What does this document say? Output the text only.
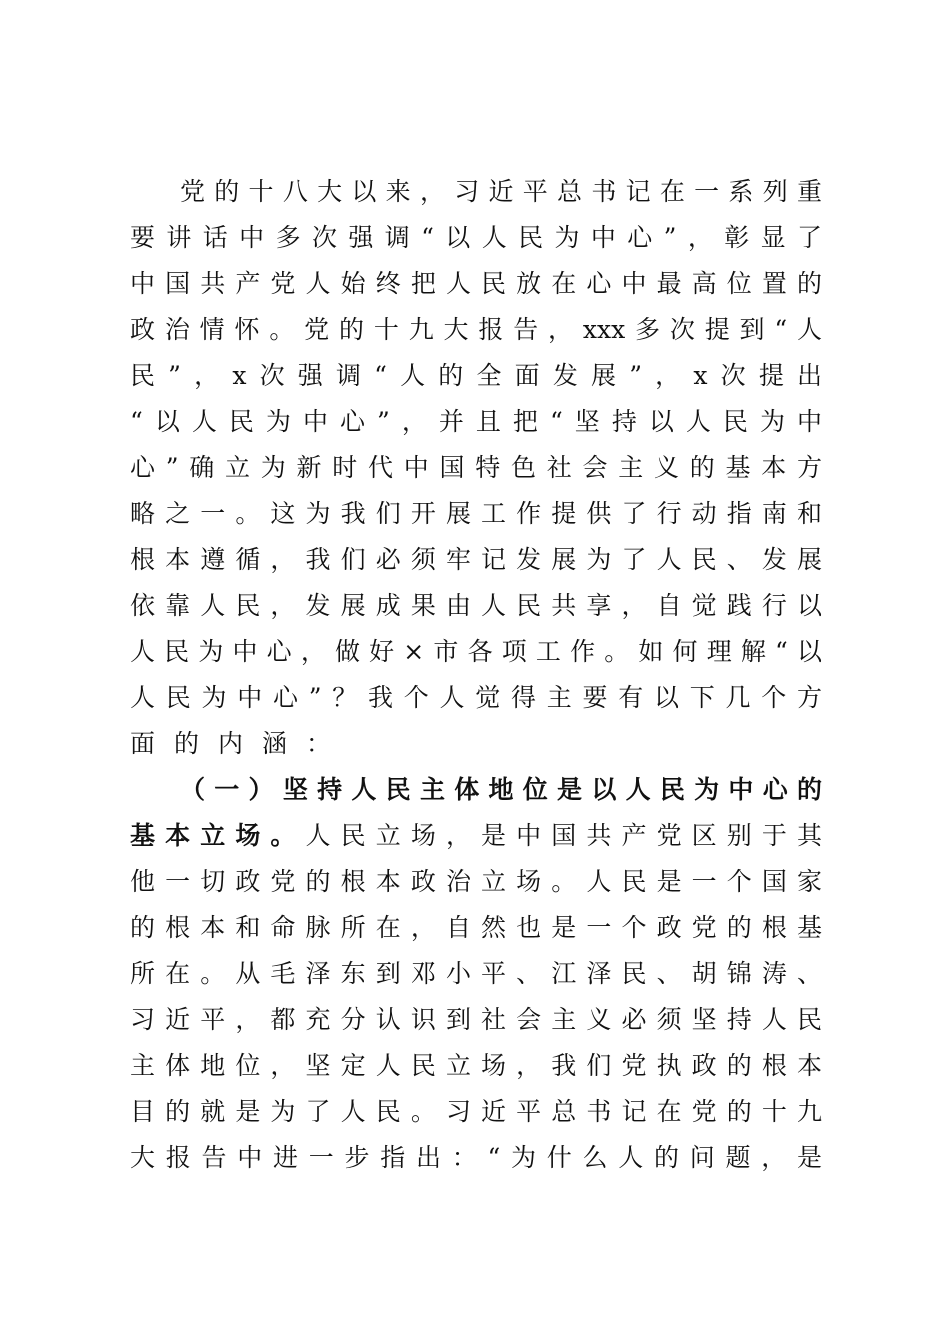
党的十八大以来，习近平总书记在一系列重
要讲话中多次强调“以人民为中心”，彰显了
中国共产党人始终把人民放在心中最高位置的
政治情怀。党的十九大报告，xxx多次提到“人
民”，x次强调“人的全面发展”，x次提出
“以人民为中心”，并且把“坚持以人民为中
心”确立为新时代中国特色社会主义的基本方
略之一。这为我们开展工作提供了行动指南和
根本遵循，我们必须牢记发展为了人民、发展
依靠人民，发展成果由人民共享，自觉践行以
人民为中心，做好×市各项工作。如何理解“以
人民为中心”？我个人觉得主要有以下几个方
面的内涵：
（一）坚持人民主体地位是以人民为中心的
基本立场。人民立场，是中国共产党区别于其
他一切政党的根本政治立场。人民是一个国家
的根本和命脉所在，自然也是一个政党的根基
所在。从毛泽东到邓小平、江泽民、胡锦涛、
习近平，都充分认识到社会主义必须坚持人民
主体地位，坚定人民立场，我们党执政的根本
目的就是为了人民。习近平总书记在党的十九
大报告中进一步指出：“为什么人的问题，是
